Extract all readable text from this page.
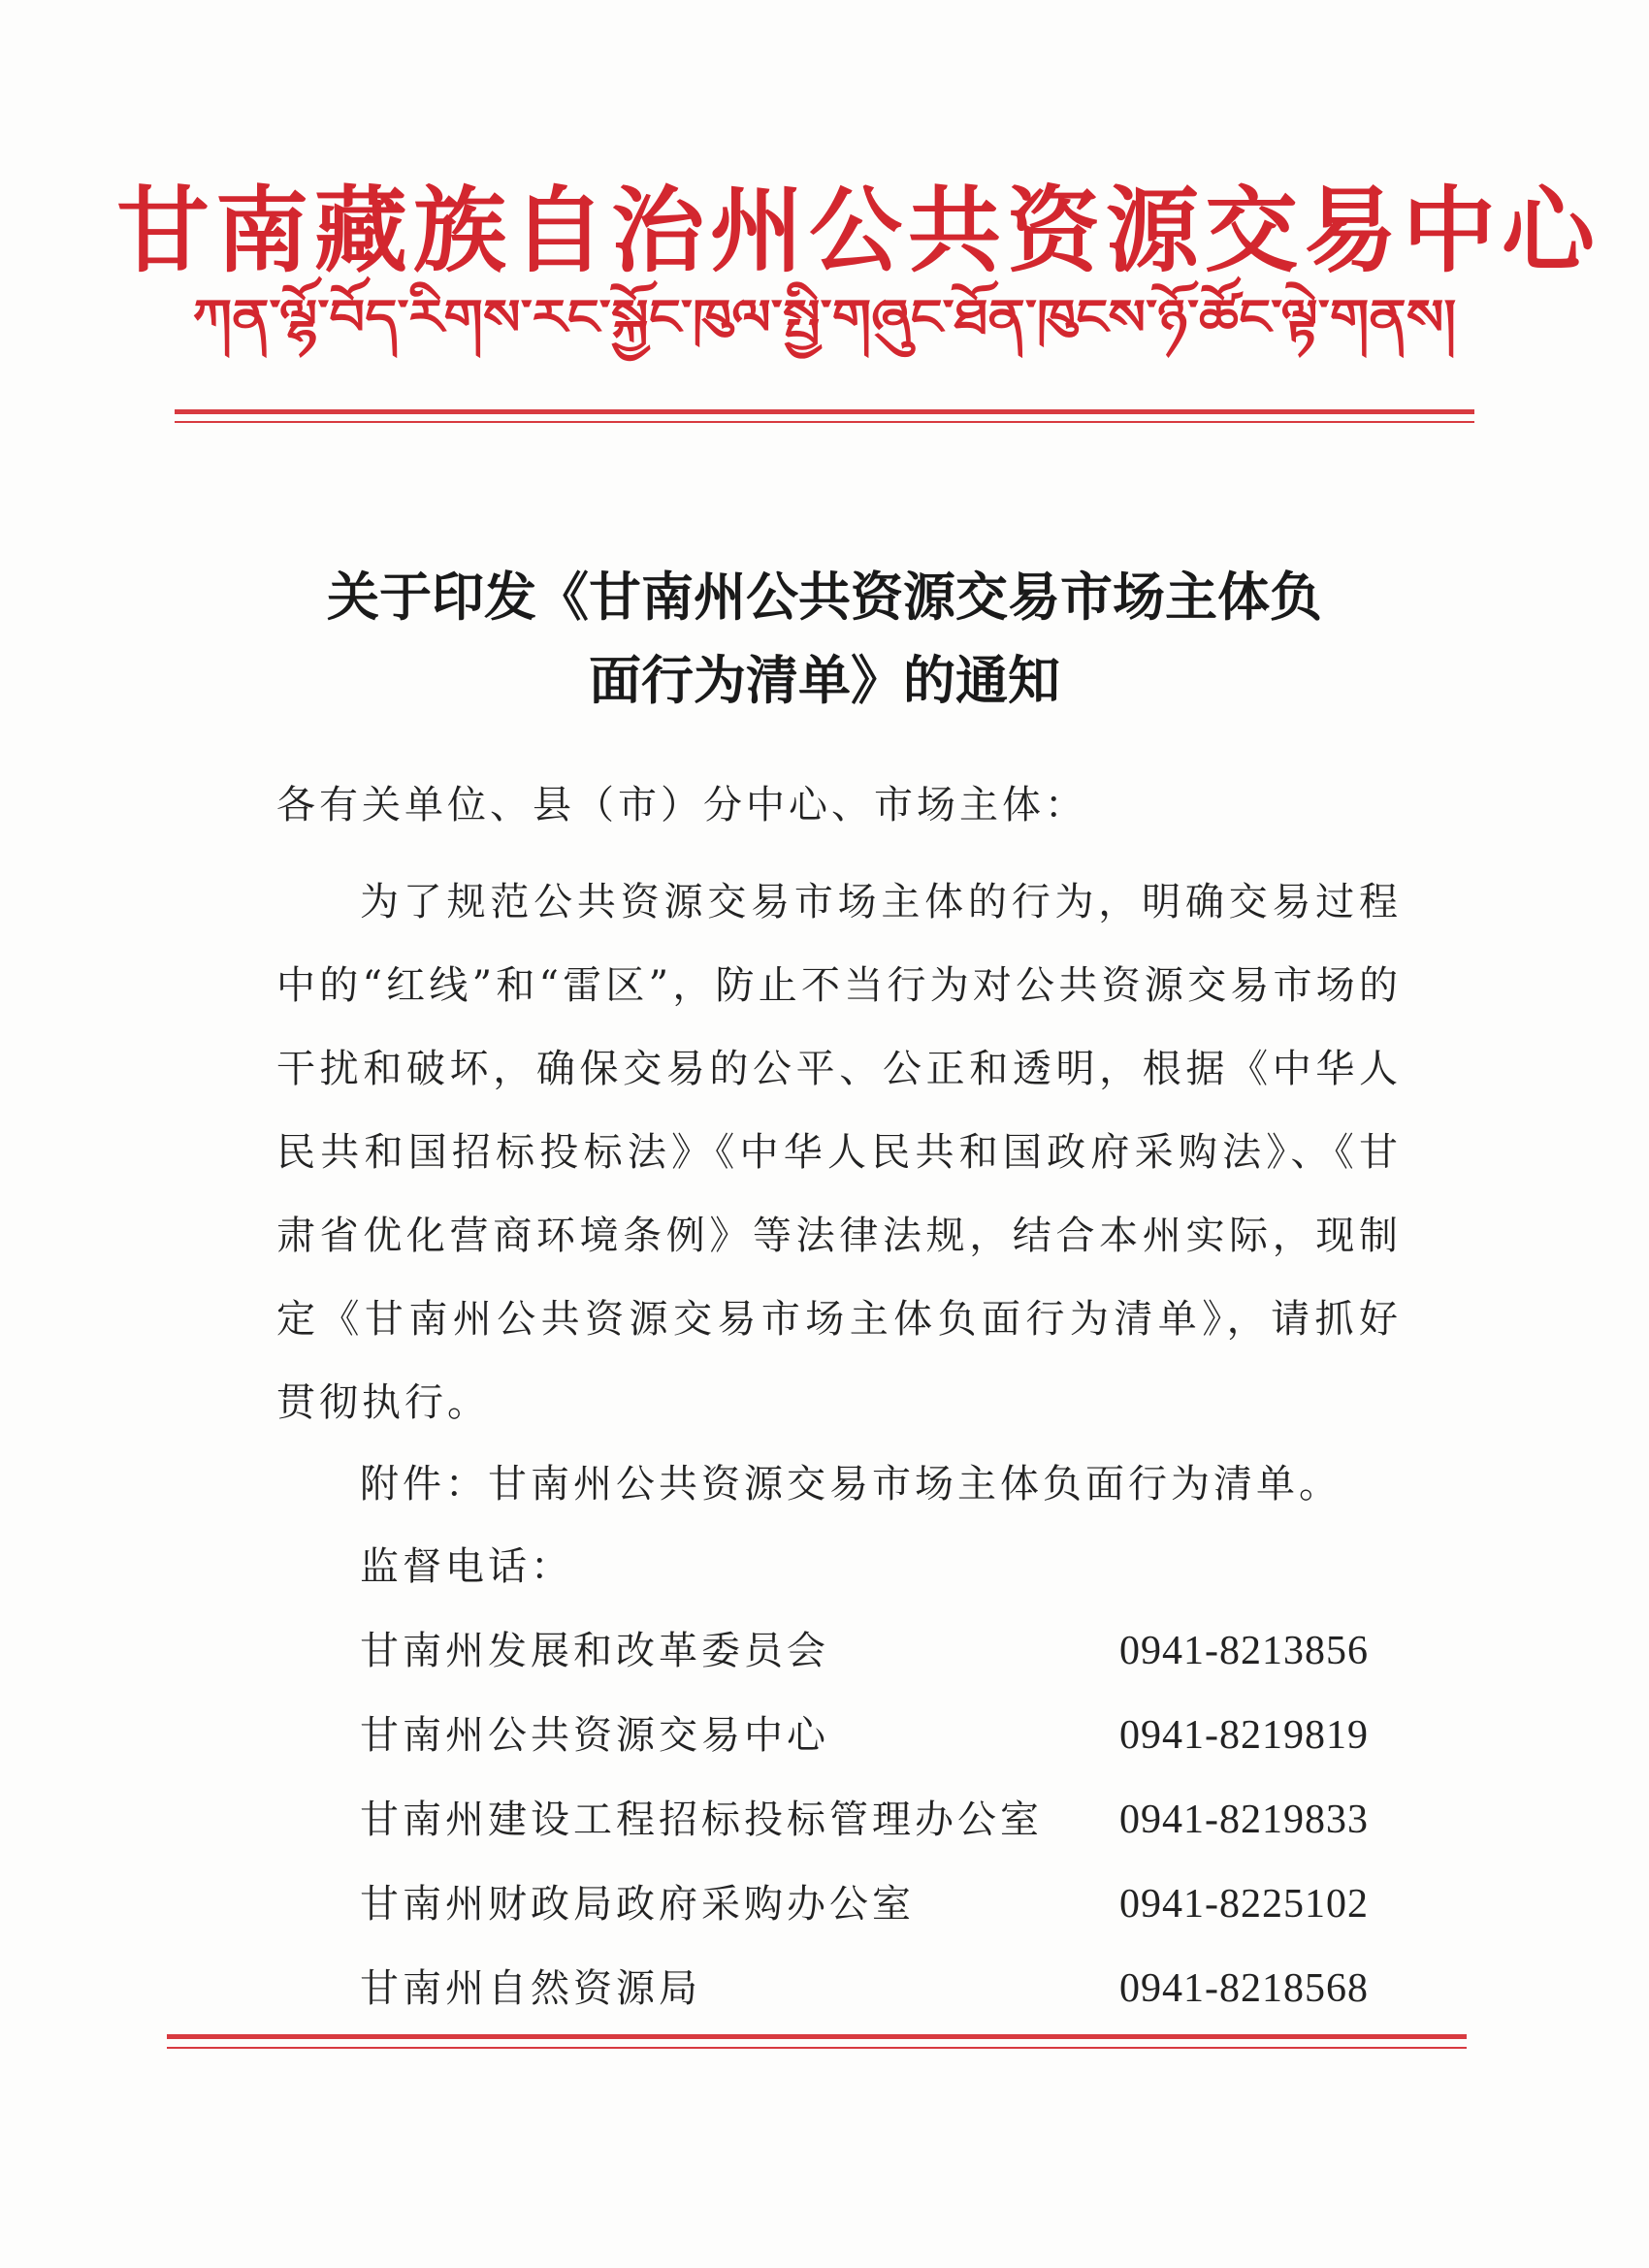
甘南藏族自治州公共资源交易中心
ཀན་ལྷོ་བོད་རིགས་རང་སྐྱོང་ཁུལ་སྤྱི་གཞུང་ཐོན་ཁུངས་ཉོ་ཚོང་ལྟེ་གནས།
关于印发《甘南州公共资源交易市场主体负
面行为清单》的通知
各有关单位、县（市）分中心、市场主体：
为了规范公共资源交易市场主体的行为，明确交易过程中的“红线”和“雷区”，防止不当行为对公共资源交易市场的干扰和破坏，确保交易的公平、公正和透明，根据《中华人民共和国招标投标法》《中华人民共和国政府采购法》、《甘肃省优化营商环境条例》等法律法规，结合本州实际，现制定《甘南州公共资源交易市场主体负面行为清单》，请抓好贯彻执行。
附件：甘南州公共资源交易市场主体负面行为清单。
监督电话：
甘南州发展和改革委员会	0941-8213856
甘南州公共资源交易中心	0941-8219819
甘南州建设工程招标投标管理办公室 0941-8219833
甘南州财政局政府采购办公室	0941-8225102
甘南州自然资源局	0941-8218568
